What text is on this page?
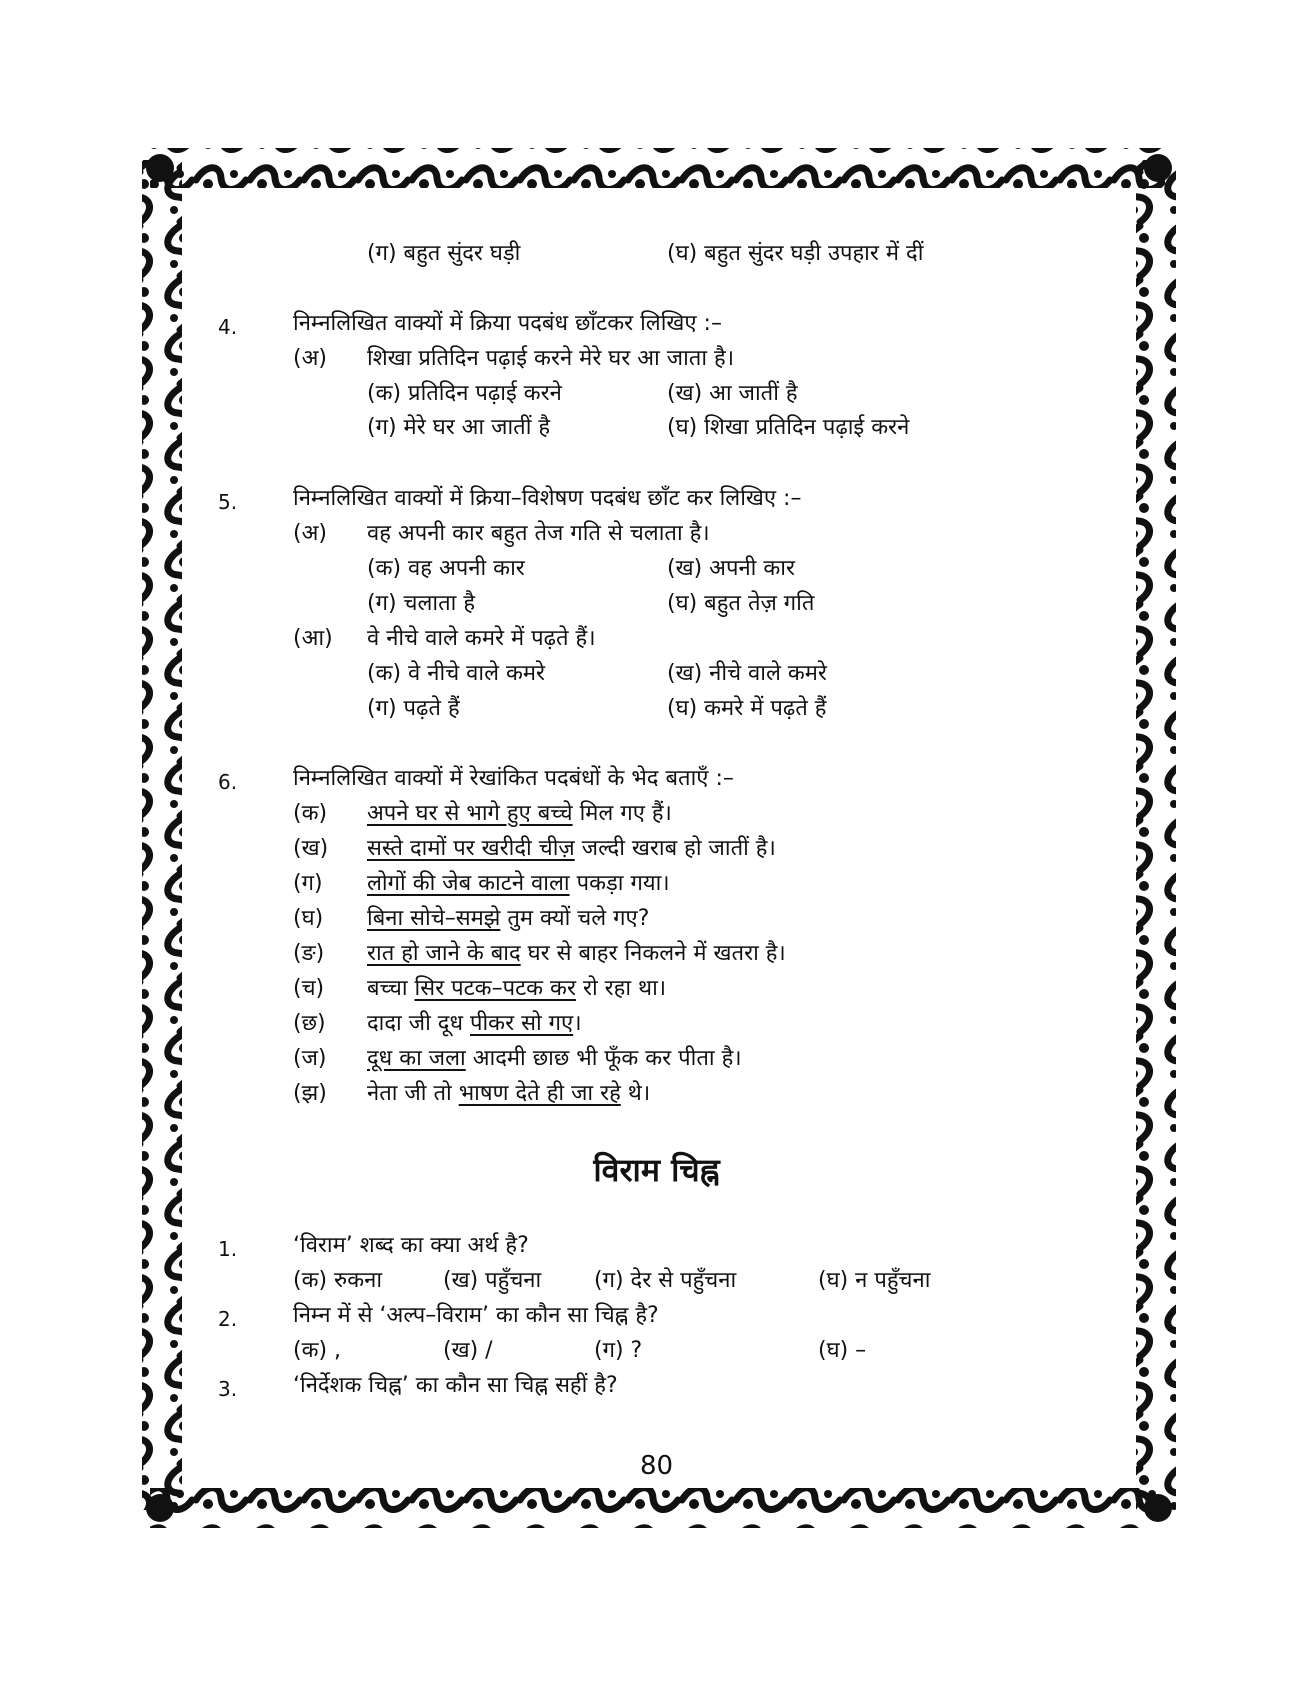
(ग) बहुत सुंदर घड़ी	(घ) बहुत सुंदर घड़ी उपहार में दीं
4.	निम्नलिखित वाक्यों में क्रिया पदबंध छाँटकर लिखिए :–
(अ) शिखा प्रतिदिन पढ़ाई करने मेरे घर आ जाता है।
(क) प्रतिदिन पढ़ाई करने	(ख) आ जातीं है
(ग) मेरे घर आ जातीं है	(घ) शिखा प्रतिदिन पढ़ाई करने
5.	निम्नलिखित वाक्यों में क्रिया–विशेषण पदबंध छाँट कर लिखिए :–
(अ) वह अपनी कार बहुत तेज गति से चलाता है।
(क) वह अपनी कार	(ख) अपनी कार
(ग) चलाता है	(घ) बहुत तेज़ गति
(आ) वे नीचे वाले कमरे में पढ़ते हैं।
(क) वे नीचे वाले कमरे	(ख) नीचे वाले कमरे
(ग) पढ़ते हैं	(घ) कमरे में पढ़ते हैं
6.	निम्नलिखित वाक्यों में रेखांकित पदबंधों के भेद बताएँ :–
(क) अपने घर से भागे हुए बच्चे मिल गए हैं।
(ख) सस्ते दामों पर खरीदी चीज़ जल्दी खराब हो जातीं है।
(ग) लोगों की जेब काटने वाला पकड़ा गया।
(घ) बिना सोचे–समझे तुम क्यों चले गए?
(ङ) रात हो जाने के बाद घर से बाहर निकलने में खतरा है।
(च) बच्चा सिर पटक–पटक कर रो रहा था।
(छ) दादा जी दूध पीकर सो गए।
(ज) दूध का जला आदमी छाछ भी फूँक कर पीता है।
(झ) नेता जी तो भाषण देते ही जा रहे थे।
विराम चिह्न
1.	‘विराम’ शब्द का क्या अर्थ है?
(क) रुकना	(ख) पहुँचना (ग) देर से पहुँचना	(घ) न पहुँचना
2.	निम्न में से ‘अल्प–विराम’ का कौन सा चिह्न है?
(क) ,	(ख) /	(ग) ?	(घ) –
3.	‘निर्देशक चिह्न’ का कौन सा चिह्न सहीं है?
80
